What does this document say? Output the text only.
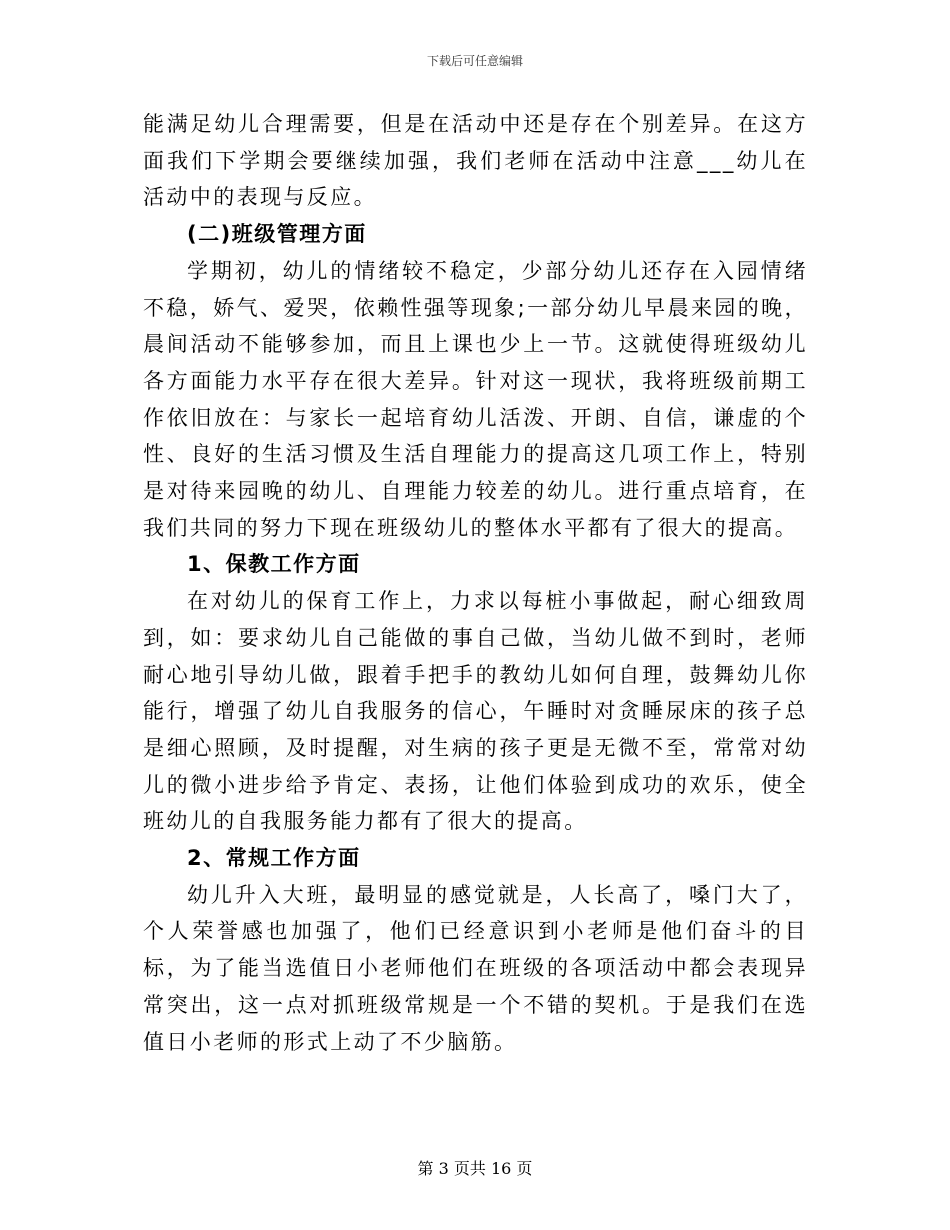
下载后可任意编辑

能满足幼儿合理需要，但是在活动中还是存在个别差异。在这方面我们下学期会要继续加强，我们老师在活动中注意___幼儿在活动中的表现与反应。

(二)班级管理方面

学期初，幼儿的情绪较不稳定，少部分幼儿还存在入园情绪不稳，娇气、爱哭，依赖性强等现象;一部分幼儿早晨来园的晚，晨间活动不能够参加，而且上课也少上一节。这就使得班级幼儿各方面能力水平存在很大差异。针对这一现状，我将班级前期工作依旧放在：与家长一起培育幼儿活泼、开朗、自信，谦虚的个性、良好的生活习惯及生活自理能力的提高这几项工作上，特别是对待来园晚的幼儿、自理能力较差的幼儿。进行重点培育，在我们共同的努力下现在班级幼儿的整体水平都有了很大的提高。

1、保教工作方面

在对幼儿的保育工作上，力求以每桩小事做起，耐心细致周到，如：要求幼儿自己能做的事自己做，当幼儿做不到时，老师耐心地引导幼儿做，跟着手把手的教幼儿如何自理，鼓舞幼儿你能行，增强了幼儿自我服务的信心，午睡时对贪睡尿床的孩子总是细心照顾，及时提醒，对生病的孩子更是无微不至，常常对幼儿的微小进步给予肯定、表扬，让他们体验到成功的欢乐，使全班幼儿的自我服务能力都有了很大的提高。

2、常规工作方面

幼儿升入大班，最明显的感觉就是，人长高了，嗓门大了，个人荣誉感也加强了，他们已经意识到小老师是他们奋斗的目标，为了能当选值日小老师他们在班级的各项活动中都会表现异常突出，这一点对抓班级常规是一个不错的契机。于是我们在选值日小老师的形式上动了不少脑筋。

第 3 页共 16 页
